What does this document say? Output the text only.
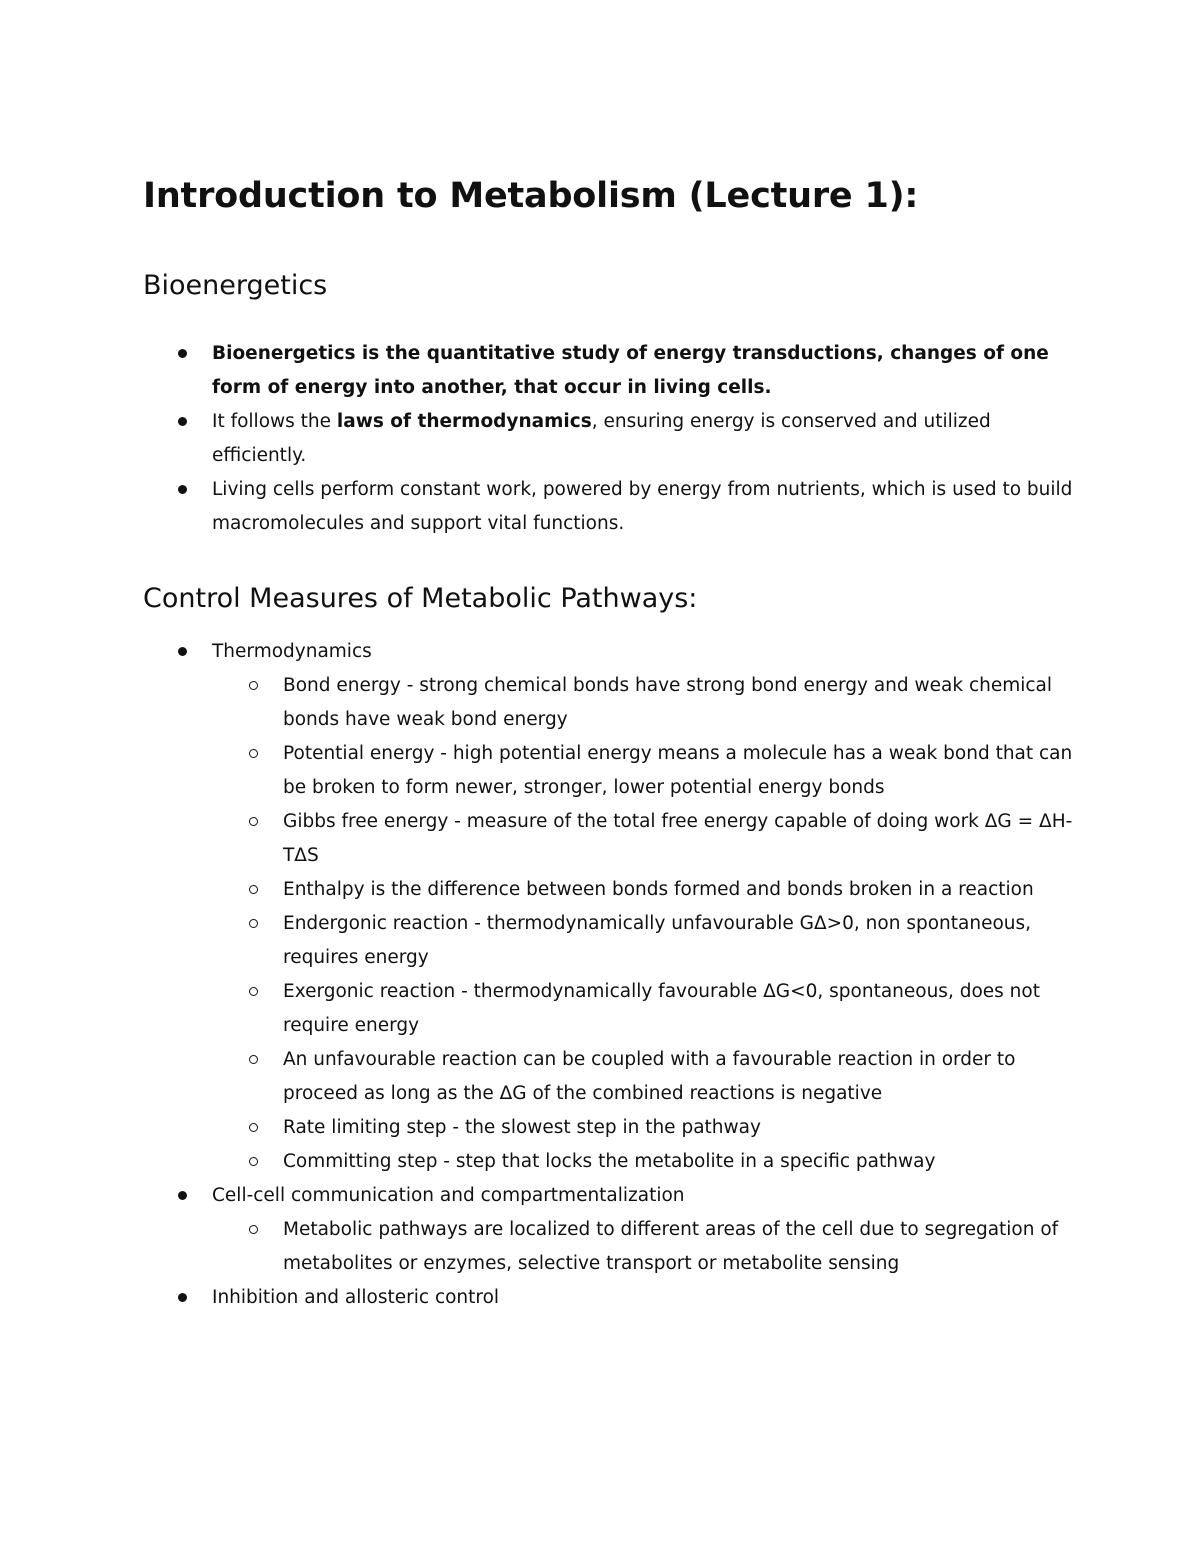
Introduction to Metabolism (Lecture 1):
Bioenergetics
Bioenergetics is the quantitative study of energy transductions, changes of one form of energy into another, that occur in living cells.
It follows the laws of thermodynamics, ensuring energy is conserved and utilized efficiently.
Living cells perform constant work, powered by energy from nutrients, which is used to build macromolecules and support vital functions.
Control Measures of Metabolic Pathways:
Thermodynamics
Bond energy - strong chemical bonds have strong bond energy and weak chemical bonds have weak bond energy
Potential energy - high potential energy means a molecule has a weak bond that can be broken to form newer, stronger, lower potential energy bonds
Gibbs free energy - measure of the total free energy capable of doing work ΔG = ΔH- TΔS
Enthalpy is the difference between bonds formed and bonds broken in a reaction
Endergonic reaction - thermodynamically unfavourable GΔ>0, non spontaneous, requires energy
Exergonic reaction - thermodynamically favourable ΔG<0, spontaneous, does not require energy
An unfavourable reaction can be coupled with a favourable reaction in order to proceed as long as the ΔG of the combined reactions is negative
Rate limiting step - the slowest step in the pathway
Committing step - step that locks the metabolite in a specific pathway
Cell-cell communication and compartmentalization
Metabolic pathways are localized to different areas of the cell due to segregation of metabolites or enzymes, selective transport or metabolite sensing
Inhibition and allosteric control
